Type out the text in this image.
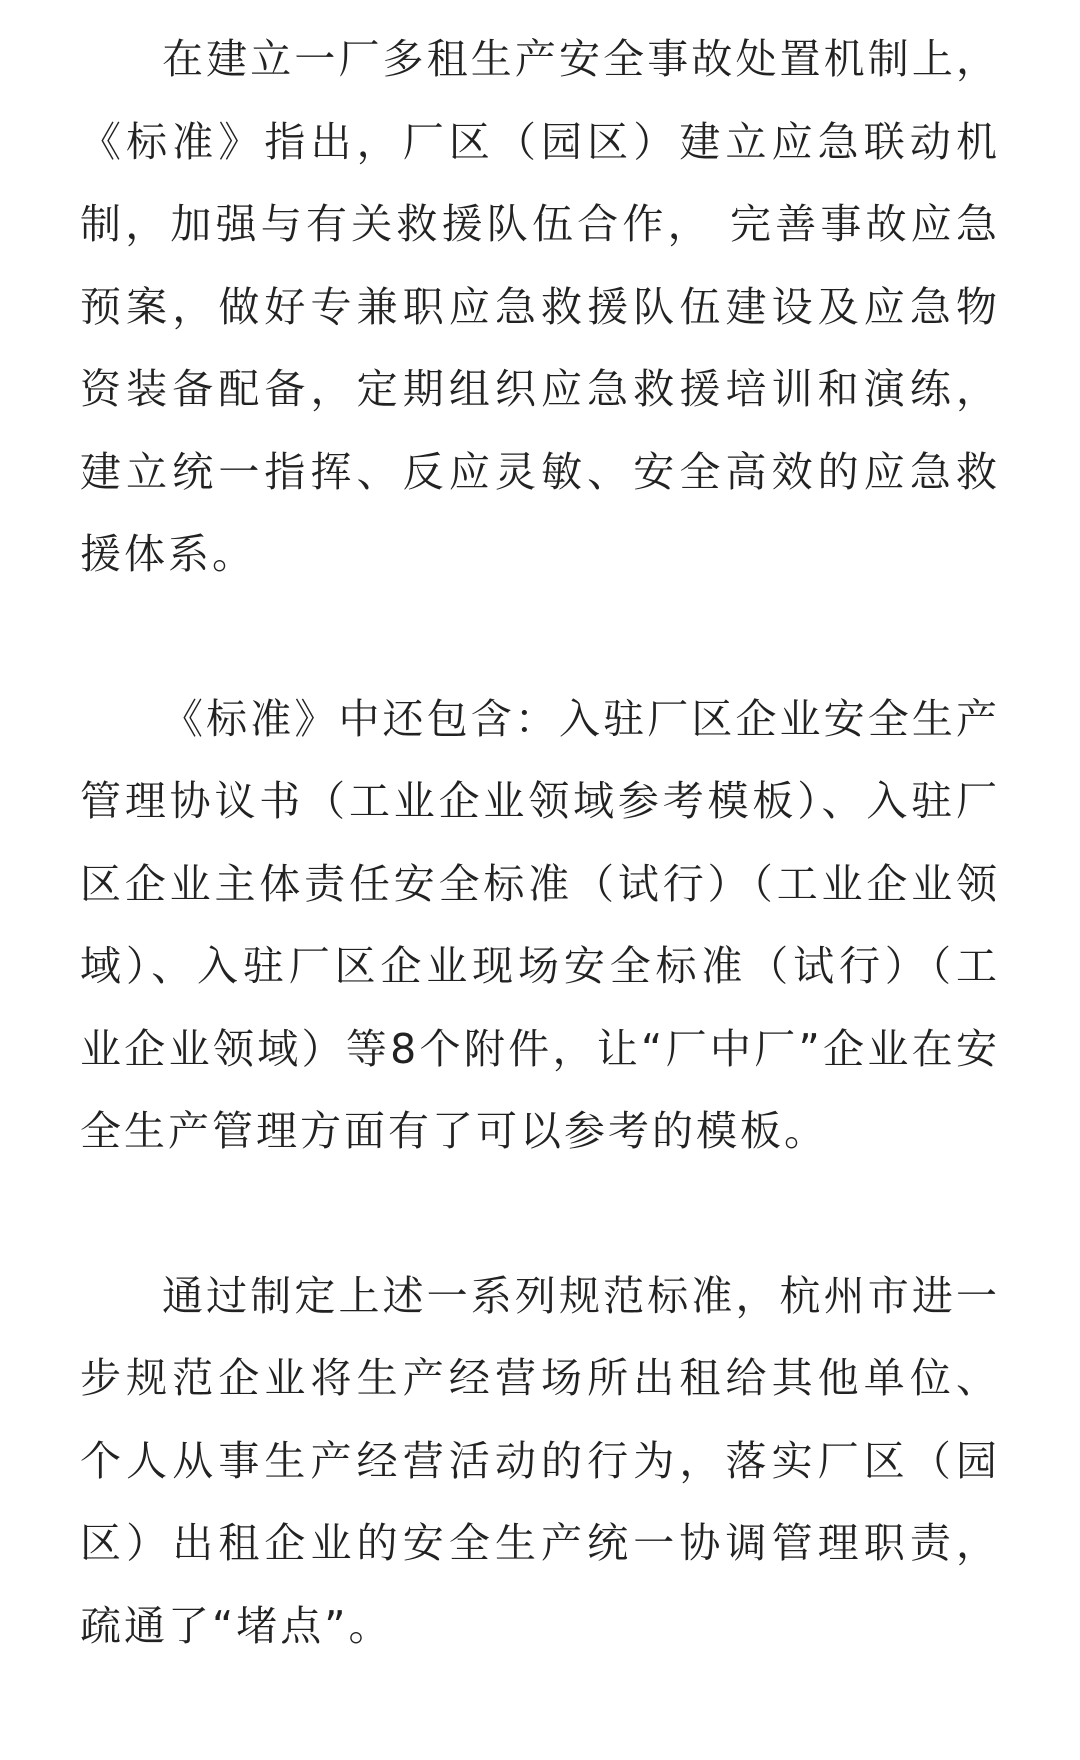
在建立一厂多租生产安全事故处置机制上，《标准》指出，厂区（园区）建立应急联动机制，加强与有关救援队伍合作， 完善事故应急预案，做好专兼职应急救援队伍建设及应急物资装备配备，定期组织应急救援培训和演练，建立统一指挥、反应灵敏、安全高效的应急救援体系。

《标准》中还包含：入驻厂区企业安全生产管理协议书（工业企业领域参考模板）、入驻厂区企业主体责任安全标准（试行）（工业企业领域）、入驻厂区企业现场安全标准（试行）（工业企业领域）等8个附件，让“厂中厂”企业在安全生产管理方面有了可以参考的模板。

通过制定上述一系列规范标准，杭州市进一步规范企业将生产经营场所出租给其他单位、个人从事生产经营活动的行为，落实厂区（园区）出租企业的安全生产统一协调管理职责，疏通了“堵点”。
